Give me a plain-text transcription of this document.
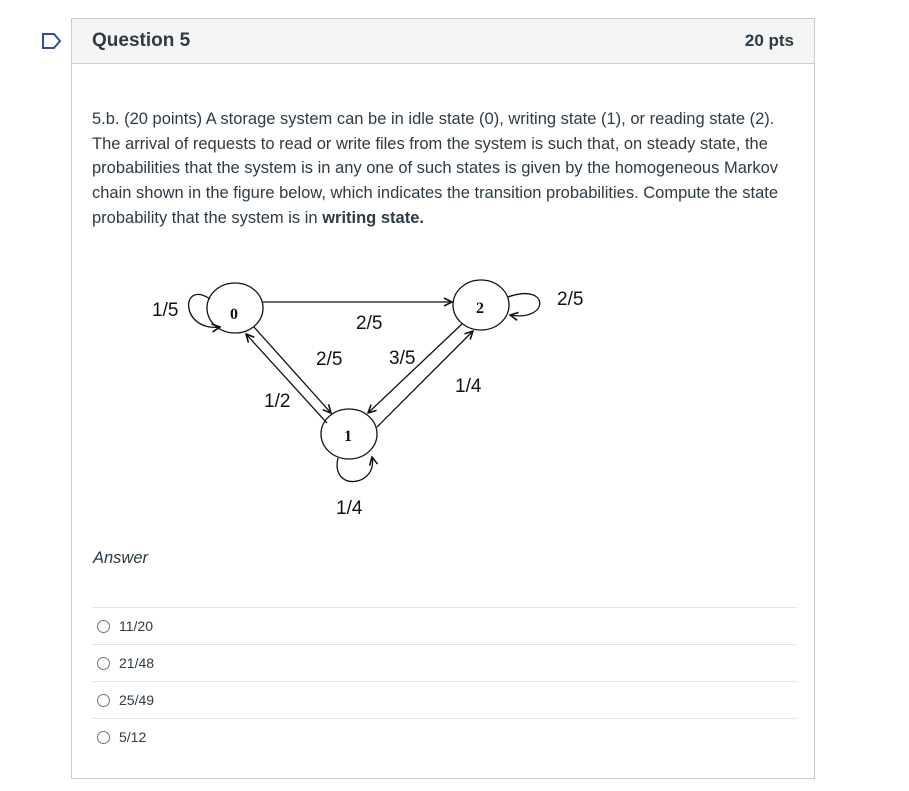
Question 5	20 pts
5.b. (20 points) A storage system can be in idle state (0), writing state (1), or reading state (2). The arrival of requests to read or write files from the system is such that, on steady state, the probabilities that the system is in any one of such states is given by the homogeneous Markov chain shown in the figure below, which indicates the transition probabilities. Compute the state probability that the system is in writing state.
0	2
1
1/5
2/5
2/5
2/5 3/5
1/2
1/4
1/4
Answer
11/20
21/48
25/49
5/12
